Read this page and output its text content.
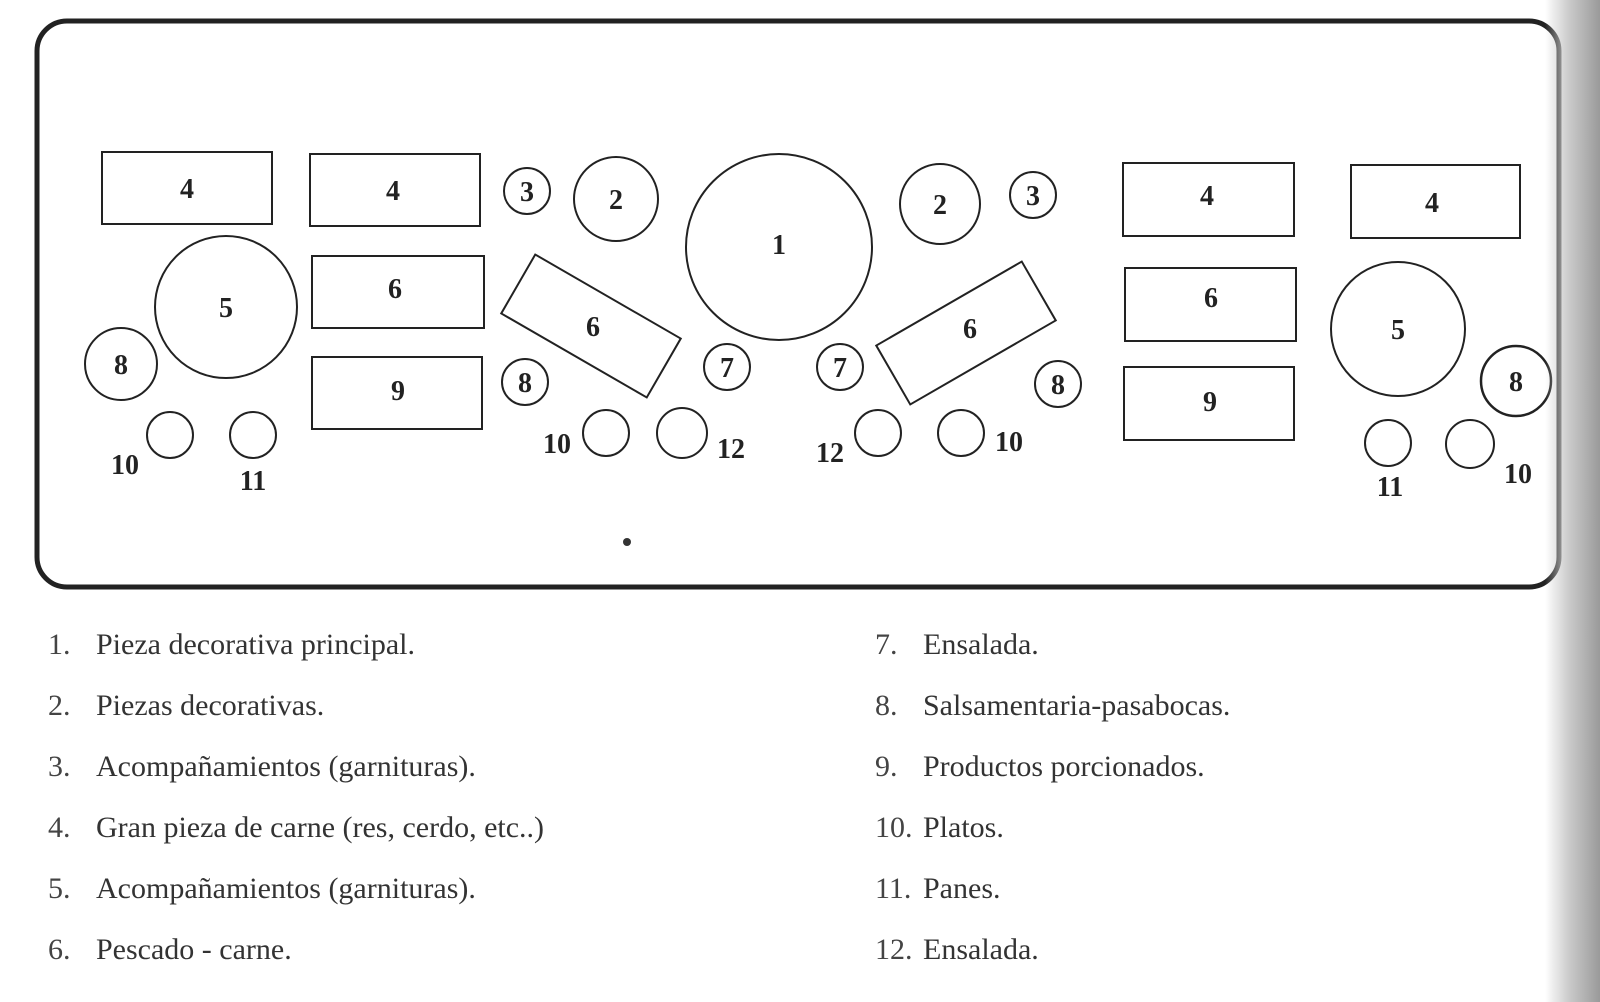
4	4
5
8
6
9
10
11
3	2
6
8
10	12
7
1
7
2	3
6
8
12	10
4
6
9
4
5
8
11	10
1. Pieza decorativa principal.
2. Piezas decorativas.
3. Acompañamientos (garnituras).
4. Gran pieza de carne (res, cerdo, etc..)
5. Acompañamientos (garnituras).
6. Pescado - carne.
7. Ensalada.
8. Salsamentaria-pasabocas.
9. Productos porcionados.
10. Platos.
11. Panes.
12. Ensalada.
